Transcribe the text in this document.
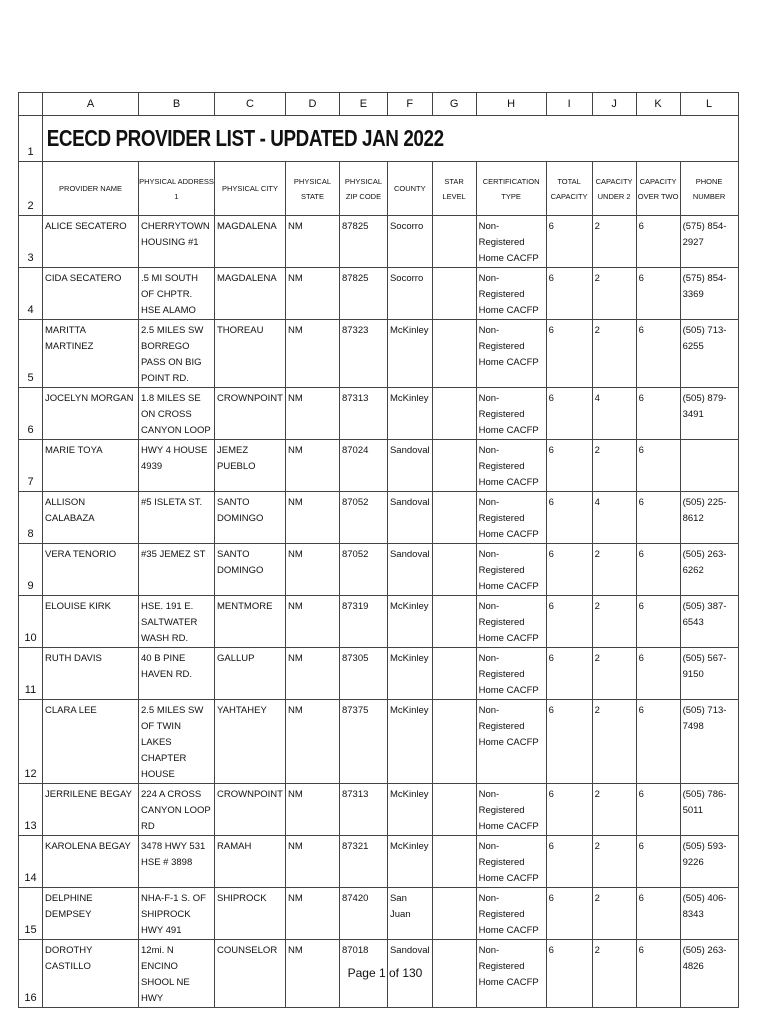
	A	B	C	D	E	F	G	H	I	J	K	L
1	ECECD PROVIDER LIST - UPDATED JAN 2022											
2	PROVIDER NAME	PHYSICAL ADDRESS 1	PHYSICAL CITY	PHYSICAL STATE	PHYSICAL ZIP CODE	COUNTY	STAR LEVEL	CERTIFICATION TYPE	TOTAL CAPACITY	CAPACITY UNDER 2	CAPACITY OVER TWO	PHONE NUMBER
3	ALICE SECATERO	CHERRYTOWN HOUSING #1	MAGDALENA	NM	87825	Socorro		Non-Registered Home CACFP	6	2	6	(575) 854-2927
4	CIDA SECATERO	.5 MI SOUTH OF CHPTR. HSE ALAMO	MAGDALENA	NM	87825	Socorro		Non-Registered Home CACFP	6	2	6	(575) 854-3369
5	MARITTA MARTINEZ	2.5 MILES SW BORREGO PASS ON BIG POINT RD.	THOREAU	NM	87323	McKinley		Non-Registered Home CACFP	6	2	6	(505) 713-6255
6	JOCELYN MORGAN	1.8 MILES SE ON CROSS CANYON LOOP	CROWNPOINT	NM	87313	McKinley		Non-Registered Home CACFP	6	4	6	(505) 879-3491
7	MARIE TOYA	HWY 4 HOUSE 4939	JEMEZ PUEBLO	NM	87024	Sandoval		Non-Registered Home CACFP	6	2	6	
8	ALLISON CALABAZA	#5 ISLETA ST.	SANTO DOMINGO	NM	87052	Sandoval		Non-Registered Home CACFP	6	4	6	(505) 225-8612
9	VERA TENORIO	#35 JEMEZ ST	SANTO DOMINGO	NM	87052	Sandoval		Non-Registered Home CACFP	6	2	6	(505) 263-6262
10	ELOUISE KIRK	HSE. 191 E. SALTWATER WASH RD.	MENTMORE	NM	87319	McKinley		Non-Registered Home CACFP	6	2	6	(505) 387-6543
11	RUTH DAVIS	40 B PINE HAVEN RD.	GALLUP	NM	87305	McKinley		Non-Registered Home CACFP	6	2	6	(505) 567-9150
12	CLARA LEE	2.5 MILES SW OF TWIN LAKES CHAPTER HOUSE	YAHTAHEY	NM	87375	McKinley		Non-Registered Home CACFP	6	2	6	(505) 713-7498
13	JERRILENE BEGAY	224 A CROSS CANYON LOOP RD	CROWNPOINT	NM	87313	McKinley		Non-Registered Home CACFP	6	2	6	(505) 786-5011
14	KAROLENA BEGAY	3478 HWY 531 HSE # 3898	RAMAH	NM	87321	McKinley		Non-Registered Home CACFP	6	2	6	(505) 593-9226
15	DELPHINE DEMPSEY	NHA-F-1 S. OF SHIPROCK HWY 491	SHIPROCK	NM	87420	San Juan		Non-Registered Home CACFP	6	2	6	(505) 406-8343
16	DOROTHY CASTILLO	12mi. N ENCINO SHOOL NE HWY	COUNSELOR	NM	87018	Sandoval		Non-Registered Home CACFP	6	2	6	(505) 263-4826
Page 1 of 130
